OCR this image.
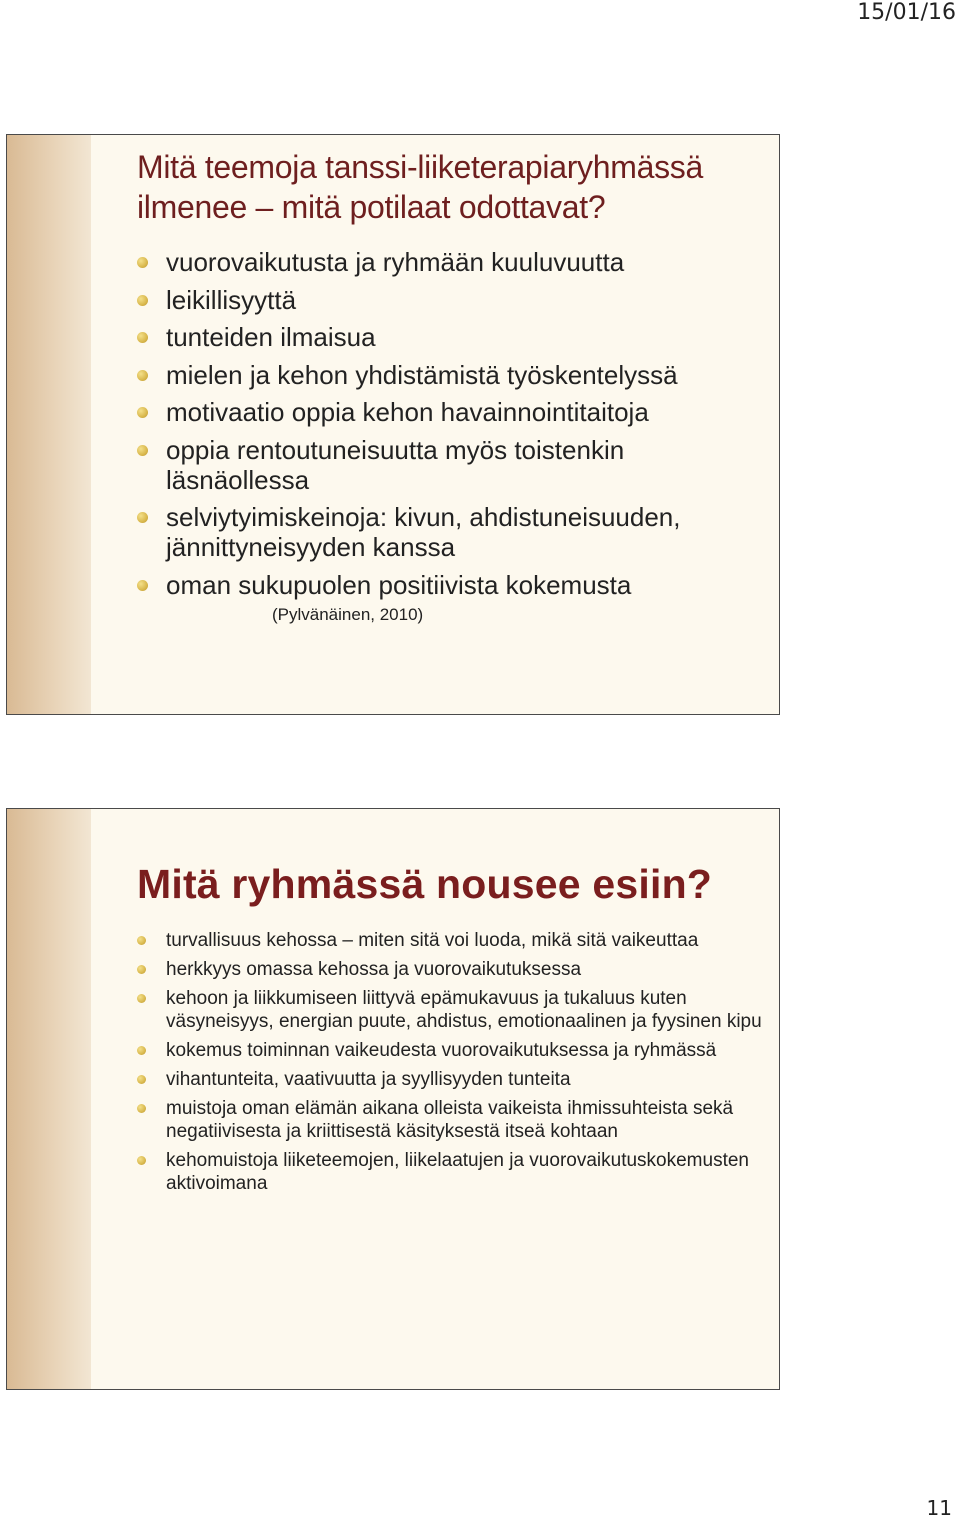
15/01/16
Mitä teemoja tanssi-liiketerapiaryhmässä
ilmenee – mitä potilaat odottavat?
vuorovaikutusta ja ryhmään kuuluvuutta
leikillisyyttä
tunteiden ilmaisua
mielen ja kehon yhdistämistä työskentelyssä
motivaatio oppia kehon havainnointitaitoja
oppia rentoutuneisuutta myös toistenkin läsnäollessa
selviytyimiskeinoja: kivun, ahdistuneisuuden, jännittyneisyyden kanssa
oman sukupuolen positiivista kokemusta
(Pylvänäinen, 2010)
Mitä ryhmässä nousee esiin?
turvallisuus kehossa – miten sitä voi luoda, mikä sitä vaikeuttaa
herkkyys omassa kehossa ja vuorovaikutuksessa
kehoon ja liikkumiseen liittyvä epämukavuus ja tukaluus kuten väsyneisyys, energian puute, ahdistus, emotionaalinen ja fyysinen kipu
kokemus toiminnan vaikeudesta vuorovaikutuksessa ja ryhmässä
vihantunteita, vaativuutta ja syyllisyyden tunteita
muistoja oman elämän aikana olleista vaikeista ihmissuhteista sekä negatiivisesta ja kriittisestä käsityksestä itseä kohtaan
kehomuistoja liiketeemojen, liikelaatujen ja vuorovaikutuskokemusten aktivoimana
11
